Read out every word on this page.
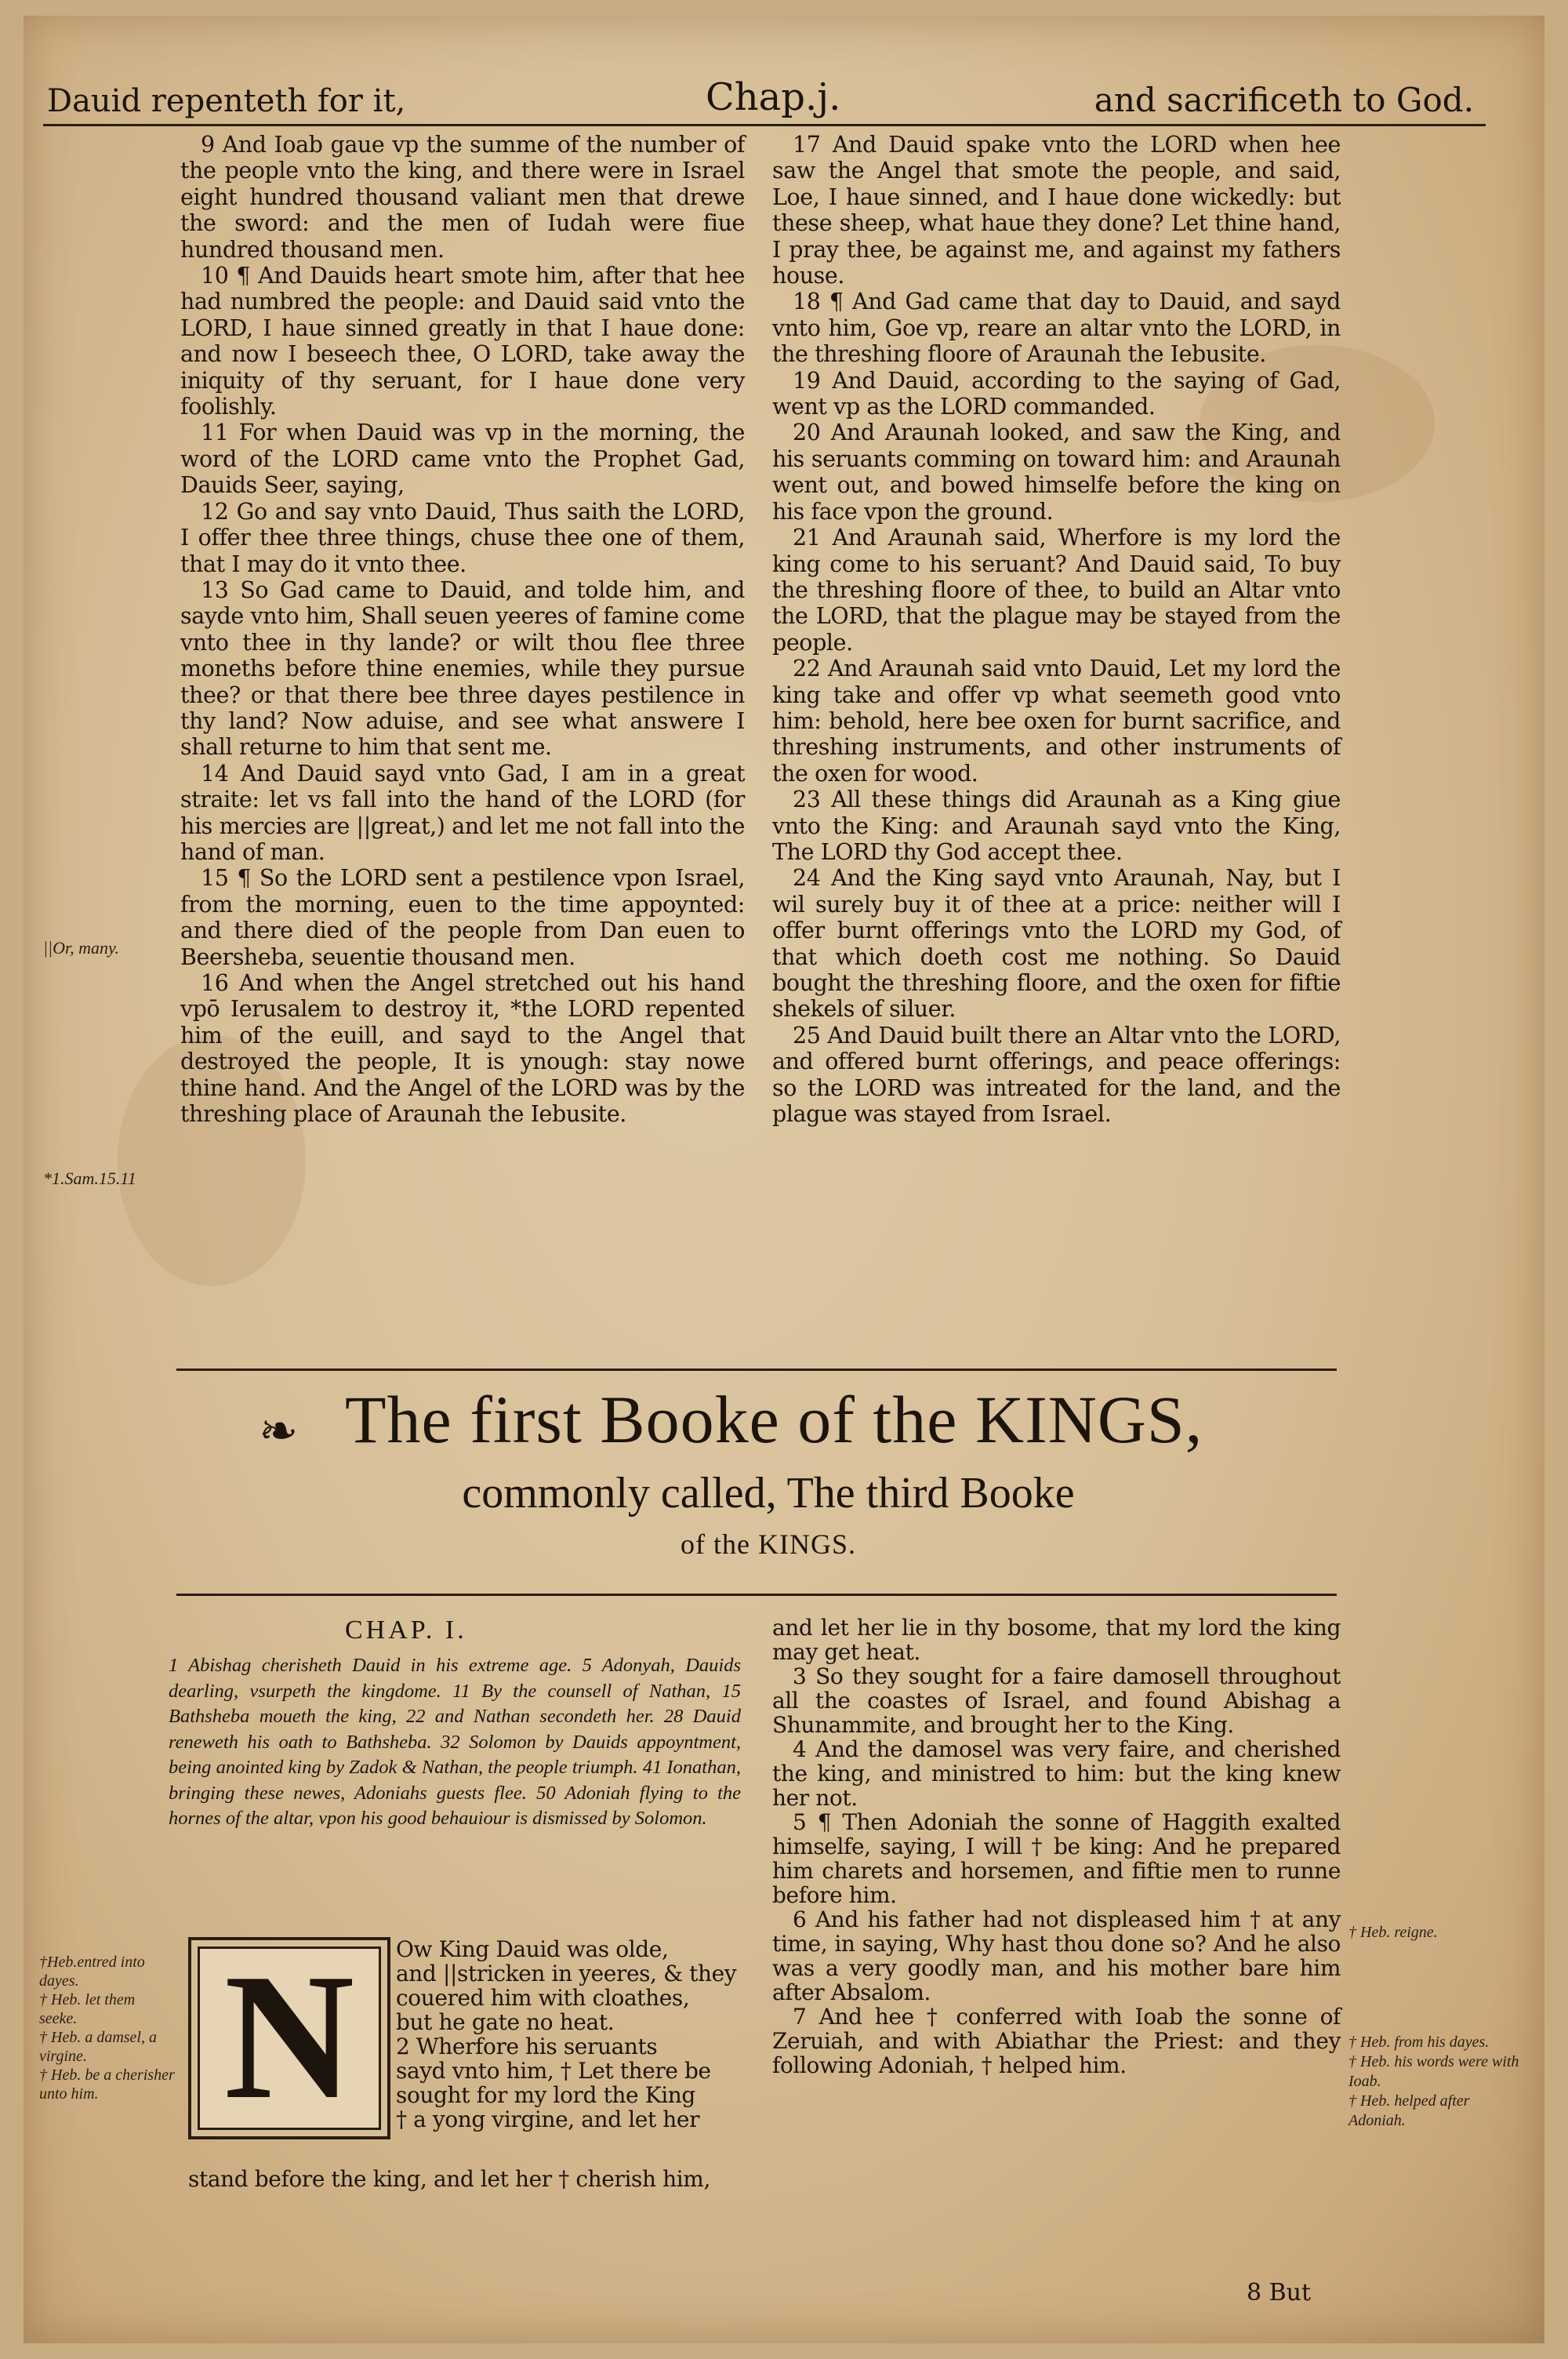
Dauid repenteth for it,	Chap.j.	and sacrificeth to God.

9 And Ioab gaue vp the summe of the number of the people vnto the king, and there were in Israel eight hundred thousand valiant men that drewe the sword: and the men of Iudah were fiue hundred thousand men.

10 ¶ And Dauids heart smote him, after that hee had numbred the people: and Dauid said vnto the LORD, I haue sinned greatly in that I haue done: and now I beseech thee, O LORD, take away the iniquity of thy seruant, for I haue done very foolishly.

11 For when Dauid was vp in the morning, the word of the LORD came vnto the Prophet Gad, Dauids Seer, saying,

12 Go and say vnto Dauid, Thus saith the LORD, I offer thee three things, chuse thee one of them, that I may do it vnto thee.

13 So Gad came to Dauid, and tolde him, and sayde vnto him, Shall seuen yeeres of famine come vnto thee in thy lande? or wilt thou flee three moneths before thine enemies, while they pursue thee? or that there bee three dayes pestilence in thy land? Now aduise, and see what answere I shall returne to him that sent me.

14 And Dauid sayd vnto Gad, I am in a great straite: let vs fall into the hand of the LORD (for his mercies are ||great,) and let me not fall into the hand of man.

15 ¶ So the LORD sent a pestilence vpon Israel, from the morning, euen to the time appoynted: and there died of the people from Dan euen to Beersheba, seuentie thousand men.

16 And when the Angel stretched out his hand vpō Ierusalem to destroy it, *the LORD repented him of the euill, and sayd to the Angel that destroyed the people, It is ynough: stay nowe thine hand. And the Angel of the LORD was by the threshing place of Araunah the Iebusite.

17 And Dauid spake vnto the LORD when hee saw the Angel that smote the people, and said, Loe, I haue sinned, and I haue done wickedly: but these sheep, what haue they done? Let thine hand, I pray thee, be against me, and against my fathers house.

18 ¶ And Gad came that day to Dauid, and sayd vnto him, Goe vp, reare an altar vnto the LORD, in the threshing floore of Araunah the Iebusite.

19 And Dauid, according to the saying of Gad, went vp as the LORD commanded.

20 And Araunah looked, and saw the King, and his seruants comming on toward him: and Araunah went out, and bowed himselfe before the king on his face vpon the ground.

21 And Araunah said, Wherfore is my lord the king come to his seruant? And Dauid said, To buy the threshing floore of thee, to build an Altar vnto the LORD, that the plague may be stayed from the people.

22 And Araunah said vnto Dauid, Let my lord the king take and offer vp what seemeth good vnto him: behold, here bee oxen for burnt sacrifice, and threshing instruments, and other instruments of the oxen for wood.

23 All these things did Araunah as a King giue vnto the King: and Araunah sayd vnto the King, The LORD thy God accept thee.

24 And the King sayd vnto Araunah, Nay, but I wil surely buy it of thee at a price: neither will I offer burnt offerings vnto the LORD my God, of that which doeth cost me nothing. So Dauid bought the threshing floore, and the oxen for fiftie shekels of siluer.

25 And Dauid built there an Altar vnto the LORD, and offered burnt offerings, and peace offerings: so the LORD was intreated for the land, and the plague was stayed from Israel.

||Or, many.
*1.Sam.15.11
❧ The first Booke of the KINGS,
commonly called, The third Booke
of the KINGS.
CHAP. I.
1 Abishag cherisheth Dauid in his extreme age. 5 Adonyah, Dauids dearling, vsurpeth the kingdome. 11 By the counsell of Nathan, 15 Bathsheba moueth the king, 22 and Nathan secondeth her. 28 Dauid reneweth his oath to Bathsheba. 32 Solomon by Dauids appoyntment, being anointed king by Zadok & Nathan, the people triumph. 41 Ionathan, bringing these newes, Adoniahs guests flee. 50 Adoniah flying to the hornes of the altar, vpon his good behauiour is dismissed by Solomon.
N	Ow King Dauid was olde,

and ||stricken in yeeres, & they

couered him with cloathes,

but he gate no heat.

2 Wherfore his seruants

sayd vnto him, † Let there be

sought for my lord the King

† a yong virgine, and let her

stand before the king, and let her † cherish him,

and let her lie in thy bosome, that my lord the king may get heat.

3 So they sought for a faire damosell throughout all the coastes of Israel, and found Abishag a Shunammite, and brought her to the King.

4 And the damosel was very faire, and cherished the king, and ministred to him: but the king knew her not.

5 ¶ Then Adoniah the sonne of Haggith exalted himselfe, saying, I will † be king: And he prepared him charets and horsemen, and fiftie men to runne before him.

6 And his father had not displeased him † at any time, in saying, Why hast thou done so? And he also was a very goodly man, and his mother bare him after Absalom.

7 And hee † conferred with Ioab the sonne of Zeruiah, and with Abiathar the Priest: and they following Adoniah, † helped him.

8 But
†Heb.entred into dayes.
† Heb. let them seeke.
† Heb. a damsel, a virgine.
† Heb. be a cherisher unto him.
† Heb. reigne.
† Heb. from his dayes.
† Heb. his words were with Ioab.
† Heb. helped after Adoniah.
